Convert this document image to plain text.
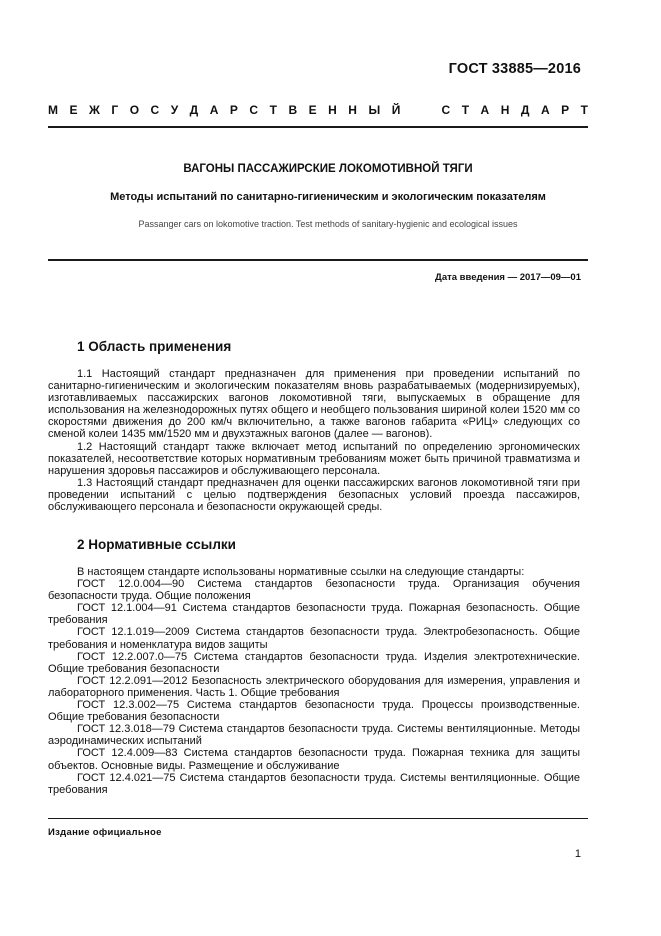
ГОСТ 33885—2016
М Е Ж Г О С У Д А Р С Т В Е Н Н Ы Й

	С Т А Н Д А Р Т
ВАГОНЫ ПАССАЖИРСКИЕ ЛОКОМОТИВНОЙ ТЯГИ
Методы испытаний по санитарно-гигиеническим и экологическим показателям
Passanger cars on lokomotive traction. Test methods of sanitary-hygienic and ecological issues
Дата введения — 2017—09—01
1 Область применения

1.1 Настоящий стандарт предназначен для применения при проведении испытаний по санитарно-гигиеническим и экологическим показателям вновь разрабатываемых (модернизируемых), изготавливаемых пассажирских вагонов локомотивной тяги, выпускаемых в обращение для использования на железнодорожных путях общего и необщего пользования шириной колеи 1520 мм со скоростями движения до 200 км/ч включительно, а также вагонов габарита «РИЦ» следующих со сменой колеи 1435 мм/1520 мм и двухэтажных вагонов (далее — вагонов).

1.2 Настоящий стандарт также включает метод испытаний по определению эргономических показателей, несоответствие которых нормативным требованиям может быть причиной травматизма и нарушения здоровья пассажиров и обслуживающего персонала.

1.3 Настоящий стандарт предназначен для оценки пассажирских вагонов локомотивной тяги при проведении испытаний с целью подтверждения безопасных условий проезда пассажиров, обслуживающего персонала и безопасности окружающей среды.

2 Нормативные ссылки

В настоящем стандарте использованы нормативные ссылки на следующие стандарты:

ГОСТ 12.0.004—90 Система стандартов безопасности труда. Организация обучения безопасности труда. Общие положения

ГОСТ 12.1.004—91 Система стандартов безопасности труда. Пожарная безопасность. Общие требования

ГОСТ 12.1.019—2009 Система стандартов безопасности труда. Электробезопасность. Общие требования и номенклатура видов защиты

ГОСТ 12.2.007.0—75 Система стандартов безопасности труда. Изделия электротехнические. Общие требования безопасности

ГОСТ 12.2.091—2012 Безопасность электрического оборудования для измерения, управления и лабораторного применения. Часть 1. Общие требования

ГОСТ 12.3.002—75 Система стандартов безопасности труда. Процессы производственные. Общие требования безопасности

ГОСТ 12.3.018—79 Система стандартов безопасности труда. Системы вентиляционные. Методы аэродинамических испытаний

ГОСТ 12.4.009—83 Система стандартов безопасности труда. Пожарная техника для защиты объектов. Основные виды. Размещение и обслуживание

ГОСТ 12.4.021—75 Система стандартов безопасности труда. Системы вентиляционные. Общие требования

Издание официальное
1
